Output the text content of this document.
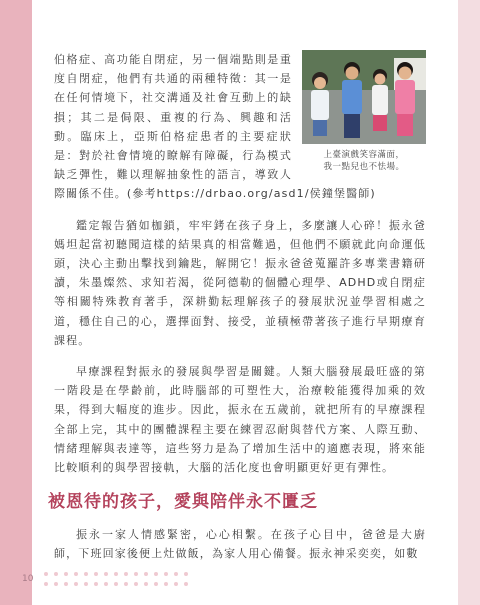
上臺演戲笑容滿面，
我一點兒也不怯場。

伯格症、高功能自閉症，另一個端點則是重度自閉症，他們有共通的兩種特徵：其一是在任何情境下，社交溝通及社會互動上的缺損；其二是侷限、重複的行為、興趣和活動。臨床上，亞斯伯格症患者的主要症狀是：對於社會情境的瞭解有障礙，行為模式缺乏彈性，難以理解抽象性的語言，導致人際關係不佳。(參考https://drbao.org/asd1/侯鐘堡醫師)

鑑定報告猶如枷鎖，牢牢銬在孩子身上，多麼讓人心碎！振永爸媽坦起當初聽聞這樣的結果真的相當難過，但他們不願就此向命運低頭，決心主動出擊找到鑰匙，解開它！振永爸爸蒐羅許多專業書籍研讀，朱墨燦然、求知若渴，從阿德勒的個體心理學、ADHD或自閉症等相關特殊教育著手，深耕勤耘理解孩子的發展狀況並學習相處之道，穩住自己的心，選擇面對、接受，並積極帶著孩子進行早期療育課程。

早療課程對振永的發展與學習是關鍵。人類大腦發展最旺盛的第一階段是在學齡前，此時腦部的可塑性大，治療較能獲得加乘的效果，得到大幅度的進步。因此，振永在五歲前，就把所有的早療課程全部上完，其中的團體課程主要在練習忍耐與替代方案、人際互動、情緒理解與表達等，這些努力是為了增加生活中的適應表現，將來能比較順利的與學習接軌，大腦的活化度也會明顯更好更有彈性。

被恩待的孩子，愛與陪伴永不匱乏

振永一家人情感緊密，心心相繫。在孩子心目中，爸爸是大廚師，下班回家後便上灶做飯，為家人用心備餐。振永神采奕奕，如數

10
